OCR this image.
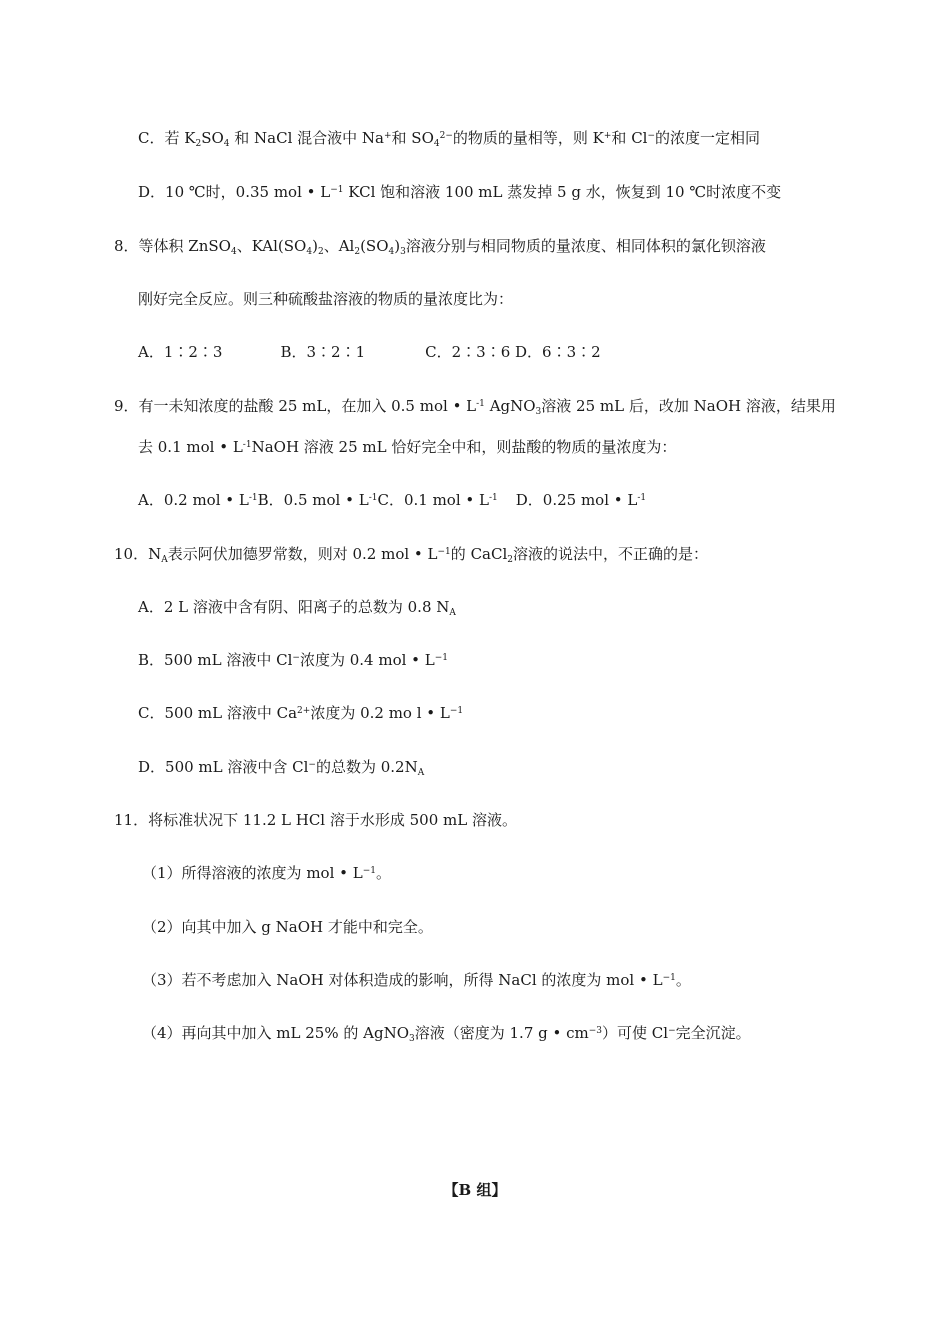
C．若 $K_2SO_4$ 和 NaCl 混合液中 Na+和 $SO_4^{2-}$的物质的量相等，则 K+和 Cl−的浓度一定相同
D．10 ℃时，0.35 mol • $L^{-1}$ KCl 饱和溶液 100 mL 蒸发掉 5 g 水，恢复到 10 ℃时浓度不变
8．等体积 ZnSO$_4$、$KAl(SO_4)_2$、$Al_2(SO_4)_3$溶液分别与相同物质的量浓度、相同体积的氯化钡溶液
刚好完全反应。则三种硫酸盐溶液的物质的量浓度比为：
A．1∶2∶3	B．3∶2∶1	C．2∶3∶6 D．6∶3∶2
9．有一未知浓度的盐酸 25 mL，在加入 0.5 mol • $L^{-1}$ AgNO$_3$溶液 25 mL 后，改加 NaOH 溶液，结果用
去 0.1 mol • $L^{-1}NaOH$ 溶液 25 mL 恰好完全中和，则盐酸的物质的量浓度为：
A．0.2 mol • $L^{-1}B$．0.5 mol • $L^{-1}C$．0.1 mol • $L^{-1}$ D．0.25 mol • $L^{-1}$
10．$N_A$表示阿伏加德罗常数，则对 0.2 mol • $L^{-1}$的 CaCl$_2$溶液的说法中，不正确的是：
A．2 L 溶液中含有阴、阳离子的总数为 0.8 $N_A$
B．500 mL 溶液中 Cl−浓度为 0.4 mol • $L^{-1}$
C．500 mL 溶液中 $Ca^{2+}$浓度为 0.2 mo l • $L^{-1}$
D．500 mL 溶液中含 Cl−的总数为 $0.2N_A$
11．将标准状况下 11.2 L HCl 溶于水形成 500 mL 溶液。
（1）所得溶液的浓度为 mol • $L^{-1}$。
（2）向其中加入 g NaOH 才能中和完全。
（3）若不考虑加入 NaOH 对体积造成的影响，所得 NaCl 的浓度为 mol • $L^{-1}$。
（4）再向其中加入 mL 25% 的 AgNO$_3$溶液（密度为 1.7 g • $cm^{-3}$）可使 Cl−完全沉淀。
【B 组】
